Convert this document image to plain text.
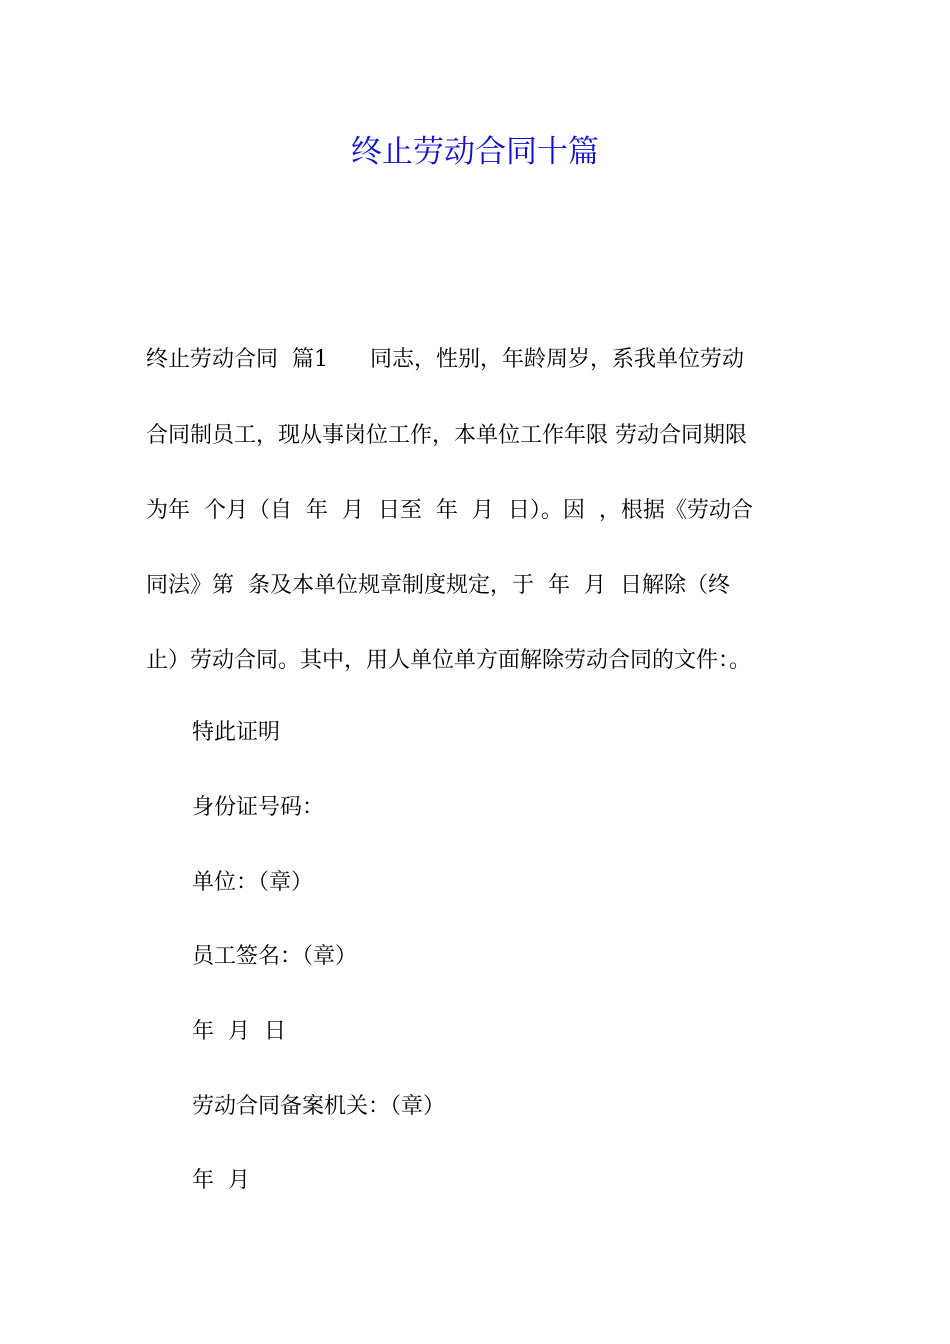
终止劳动合同十篇
终止劳动合同  篇1      同志，性别，年龄周岁，系我单位劳动
合同制员工，现从事岗位工作，本单位工作年限 劳动合同期限
为年  个月（自  年  月  日至  年  月  日）。因  ，根据《劳动合
同法》第  条及本单位规章制度规定，于  年  月  日解除（终
止）劳动合同。其中，用人单位单方面解除劳动合同的文件：。
特此证明
身份证号码：
单位：（章）
员工签名：（章）
年  月  日
劳动合同备案机关：（章）
年  月
